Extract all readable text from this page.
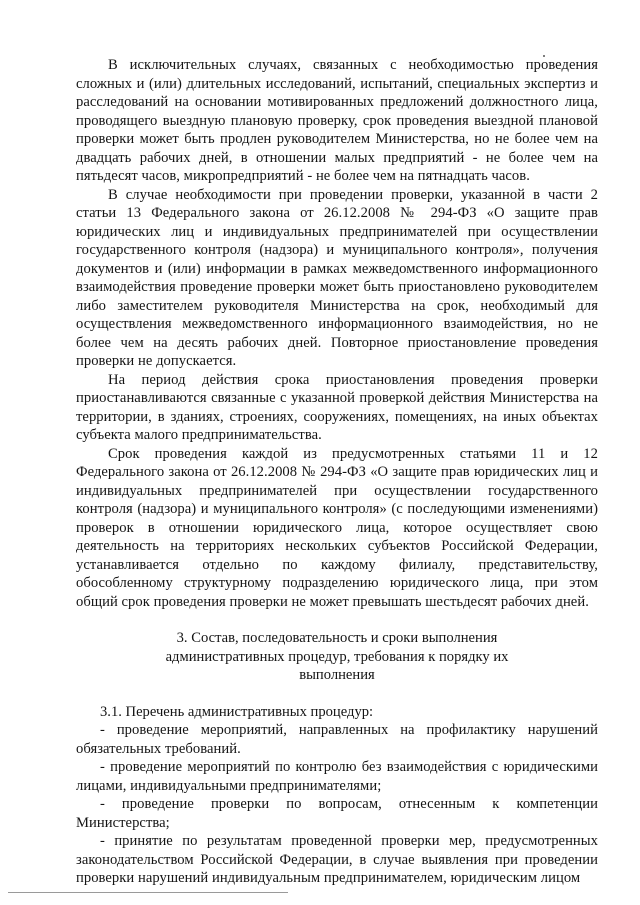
В исключительных случаях, связанных с необходимостью проведения сложных и (или) длительных исследований, испытаний, специальных экспертиз и расследований на основании мотивированных предложений должностного лица, проводящего выездную плановую проверку, срок проведения выездной плановой проверки может быть продлен руководителем Министерства, но не более чем на двадцать рабочих дней, в отношении малых предприятий - не более чем на пятьдесят часов, микропредприятий - не более чем на пятнадцать часов.

В случае необходимости при проведении проверки, указанной в части 2 статьи 13 Федерального закона от 26.12.2008 № 294-ФЗ «О защите прав юридических лиц и индивидуальных предпринимателей при осуществлении государственного контроля (надзора) и муниципального контроля», получения документов и (или) информации в рамках межведомственного информационного взаимодействия проведение проверки может быть приостановлено руководителем либо заместителем руководителя Министерства на срок, необходимый для осуществления межведомственного информационного взаимодействия, но не более чем на десять рабочих дней. Повторное приостановление проведения проверки не допускается.

На период действия срока приостановления проведения проверки приостанавливаются связанные с указанной проверкой действия Министерства на территории, в зданиях, строениях, сооружениях, помещениях, на иных объектах субъекта малого предпринимательства.

Срок проведения каждой из предусмотренных статьями 11 и 12 Федерального закона от 26.12.2008 № 294-ФЗ «О защите прав юридических лиц и индивидуальных предпринимателей при осуществлении государственного контроля (надзора) и муниципального контроля» (с последующими изменениями) проверок в отношении юридического лица, которое осуществляет свою деятельность на территориях нескольких субъектов Российской Федерации, устанавливается отдельно по каждому филиалу, представительству, обособленному структурному подразделению юридического лица, при этом общий срок проведения проверки не может превышать шестьдесят рабочих дней.

3. Состав, последовательность и сроки выполнения
административных процедур, требования к порядку их
выполнения

3.1. Перечень административных процедур:

- проведение мероприятий, направленных на профилактику нарушений обязательных требований.

- проведение мероприятий по контролю без взаимодействия с юридическими лицами, индивидуальными предпринимателями;

- проведение проверки по вопросам, отнесенным к компетенции Министерства;

- принятие по результатам проведенной проверки мер, предусмотренных законодательством Российской Федерации, в случае выявления при проведении проверки нарушений индивидуальным предпринимателем, юридическим лицом
